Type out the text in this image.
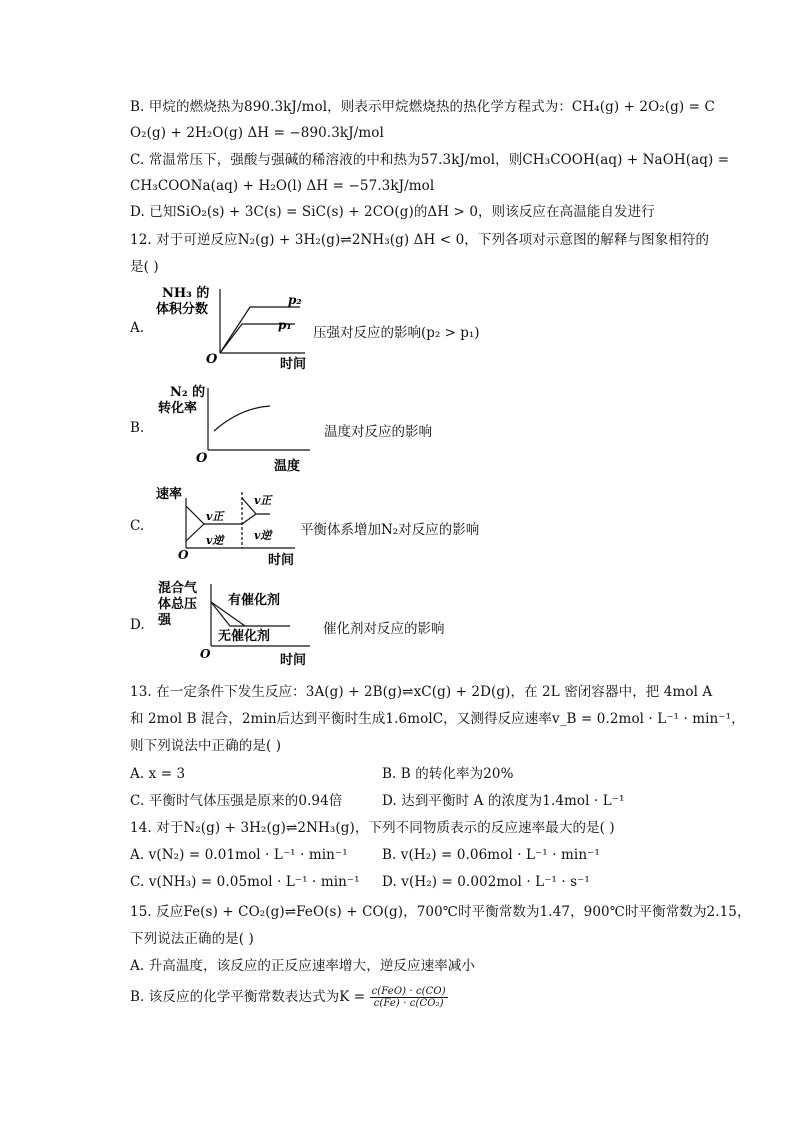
B. 甲烷的燃烧热为890.3kJ/mol，则表示甲烷燃烧热的热化学方程式为：CH₄(g) + 2O₂(g) = C
O₂(g) + 2H₂O(g) ΔH = −890.3kJ/mol
C. 常温常压下，强酸与强碱的稀溶液的中和热为57.3kJ/mol，则CH₃COOH(aq) + NaOH(aq) =
CH₃COONa(aq) + H₂O(l) ΔH = −57.3kJ/mol
D. 已知SiO₂(s) + 3C(s) = SiC(s) + 2CO(g)的ΔH > 0，则该反应在高温能自发进行
12. 对于可逆反应N₂(g) + 3H₂(g)⇌2NH₃(g) ΔH < 0，下列各项对示意图的解释与图象相符的
是( )
A.
NH₃ 的
体积分数
p₂
p₁
O	时间
压强对反应的影响(p₂ > p₁)
B.
N₂ 的
转化率
O
温度
温度对反应的影响
C.
速率
v正
v逆
v正
v逆
O	时间
平衡体系增加N₂对反应的影响
D.
混合气
体总压
强
有催化剂
无催化剂
O	时间
催化剂对反应的影响
13. 在一定条件下发生反应：3A(g) + 2B(g)⇌xC(g) + 2D(g)，在 2L 密闭容器中，把 4mol A
和 2mol B 混合，2min后达到平衡时生成1.6molC，又测得反应速率v_B = 0.2mol · L⁻¹ · min⁻¹，
则下列说法中正确的是( )
A. x = 3	B. B 的转化率为20%
C. 平衡时气体压强是原来的0.94倍	D. 达到平衡时 A 的浓度为1.4mol · L⁻¹
14. 对于N₂(g) + 3H₂(g)⇌2NH₃(g)，下列不同物质表示的反应速率最大的是( )
A. v(N₂) = 0.01mol · L⁻¹ · min⁻¹	B. v(H₂) = 0.06mol · L⁻¹ · min⁻¹
C. v(NH₃) = 0.05mol · L⁻¹ · min⁻¹ D. v(H₂) = 0.002mol · L⁻¹ · s⁻¹
15. 反应Fe(s) + CO₂(g)⇌FeO(s) + CO(g)，700℃时平衡常数为1.47，900℃时平衡常数为2.15，
下列说法正确的是( )
A. 升高温度，该反应的正反应速率增大，逆反应速率减小
B. 该反应的化学平衡常数表达式为$K = \frac{\text{c(FeO) · c(CO)}}{\text{c(Fe) · c(CO₂)}}$
